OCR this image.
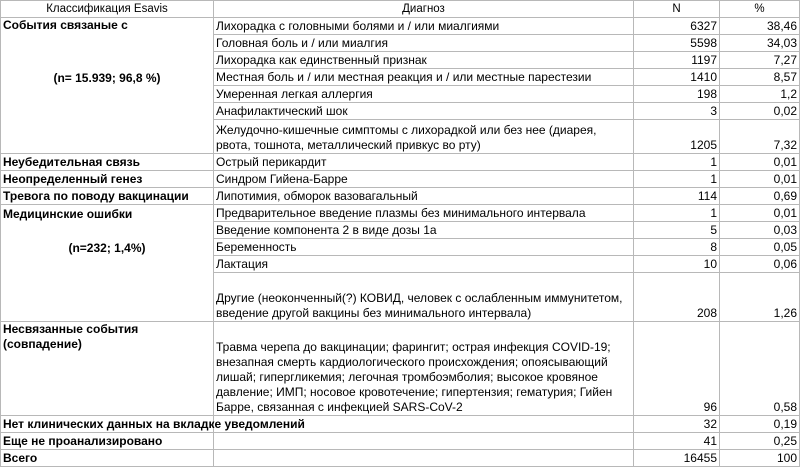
Классификация Esavis	Диагноз	N	%
События связаные с	Лихорадка с головными болями и / или миалгиями	6327	38,46
	Головная боль и / или миалгия	5598	34,03
	Лихорадка как единственный признак	1197	7,27
(n= 15.939; 96,8 %)	Местная боль и / или местная реакция и / или местные парестезии	1410	8,57
	Умеренная легкая аллергия	198	1,2
	Анафилактический шок	3	0,02
	Желудочно-кишечные симптомы с лихорадкой или без нее (диарея, рвота, тошнота, металлический привкус во рту)	1205	7,32
Неубедительная связь	Острый перикардит	1	0,01
Неопределенный генез	Синдром Гийена-Барре	1	0,01
Тревога по поводу вакцинации	Липотимия, обморок вазовагальный	114	0,69
Медицинские ошибки	Предварительное введение плазмы без минимального интервала	1	0,01
	Введение компонента 2 в виде дозы 1а	5	0,03
(n=232; 1,4%)	Беременность	8	0,05
	Лактация	10	0,06
	Другие (неоконченный(?) КОВИД, человек с ослабленным иммунитетом, введение другой вакцины без минимального интервала)	208	1,26
Несвязанные события (совпадение)	Травма черепа до вакцинации; фарингит; острая инфекция COVID-19; внезапная смерть кардиологического происхождения; опоясывающий лишай; гипергликемия; легочная тромбоэмболия; высокое кровяное давление; ИМП; носовое кровотечение; гипертензия; гематурия; Гийен Барре, связанная с инфекцией SARS-CoV-2	96	0,58
Нет клинических данных на вкладке уведомлений		32	0,19
Еще не проанализировано		41	0,25
Всего		16455	100
